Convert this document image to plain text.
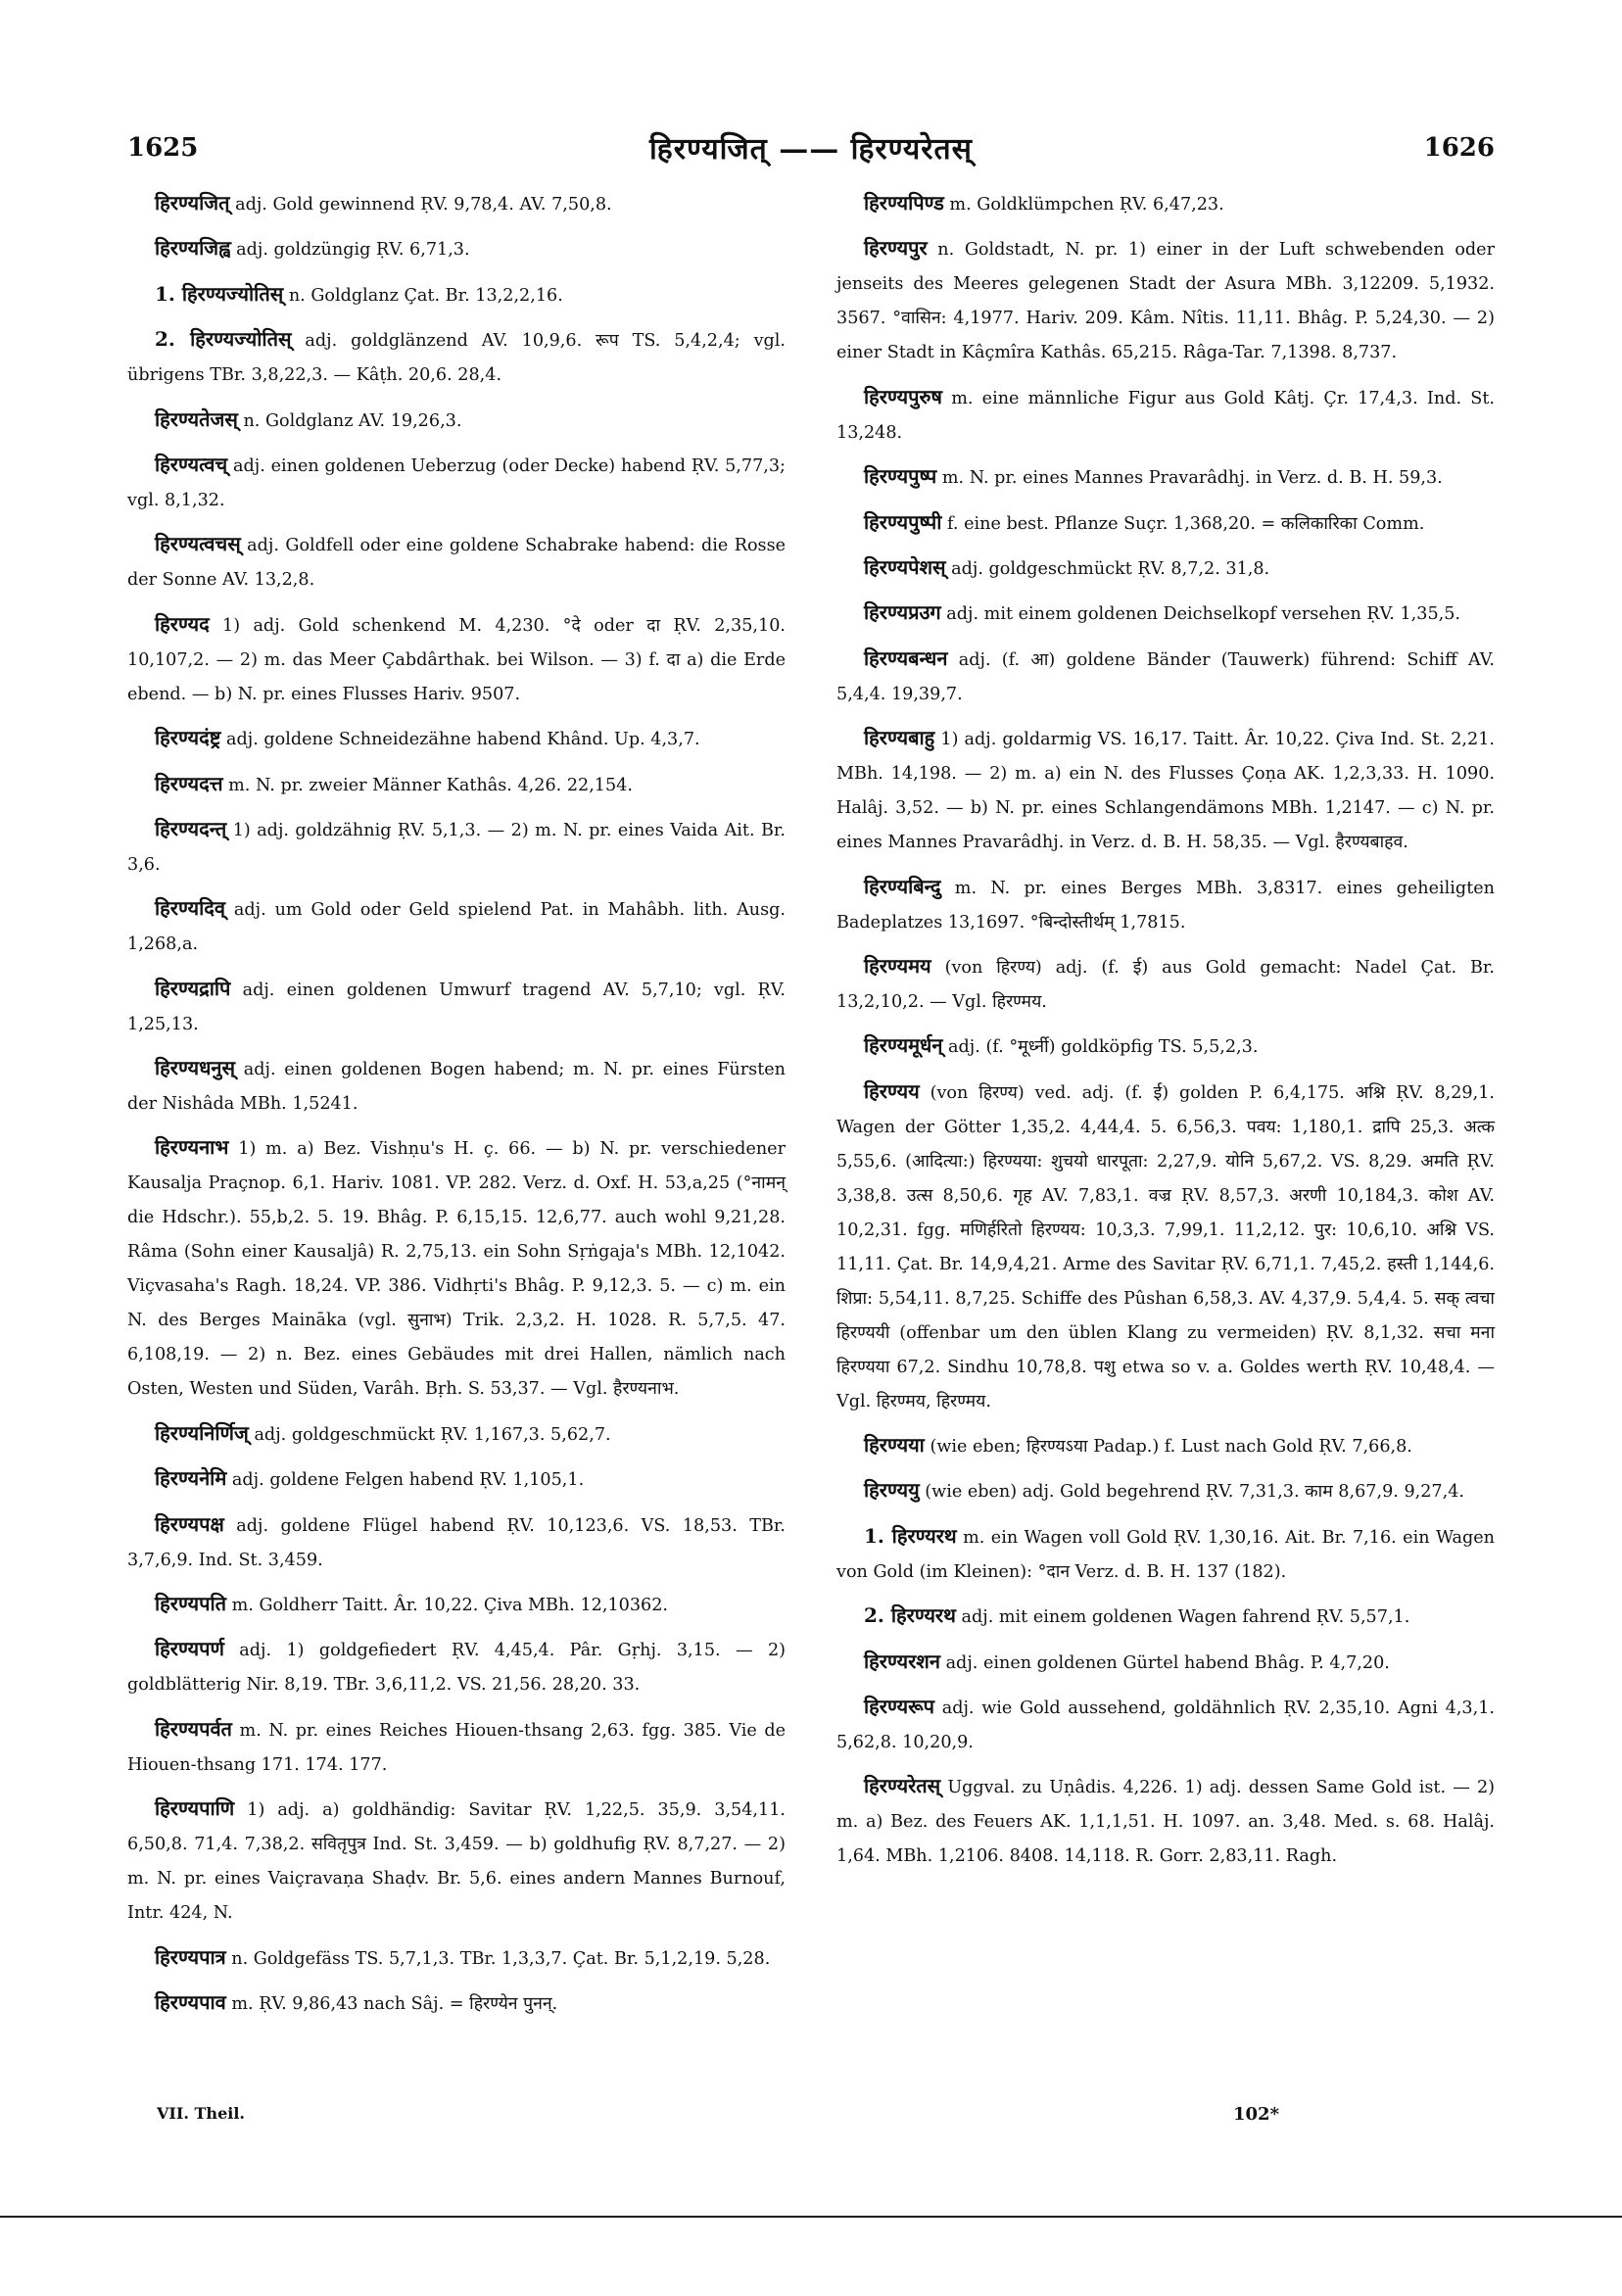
1625	हिरण्यजित् —— हिरण्यरेतस्	1626

हिरण्यजित् adj. Gold gewinnend ṚV. 9,78,4. AV. 7,50,8.

हिरण्यजिह्व adj. goldzüngig ṚV. 6,71,3.

1. हिरण्यज्योतिस् n. Goldglanz Çat. Br. 13,2,2,16.

2. हिरण्यज्योतिस् adj. goldglänzend AV. 10,9,6. रूप TS. 5,4,2,4; vgl. übrigens TBr. 3,8,22,3. — Kâṭh. 20,6. 28,4.

हिरण्यतेजस् n. Goldglanz AV. 19,26,3.

हिरण्यत्वच् adj. einen goldenen Ueberzug (oder Decke) habend ṚV. 5,77,3; vgl. 8,1,32.

हिरण्यत्वचस् adj. Goldfell oder eine goldene Schabrake habend: die Rosse der Sonne AV. 13,2,8.

हिरण्यद 1) adj. Gold schenkend M. 4,230. °दे oder दा ṚV. 2,35,10. 10,107,2. — 2) m. das Meer Çabdârthak. bei Wilson. — 3) f. दा a) die Erde ebend. — b) N. pr. eines Flusses Hariv. 9507.

हिरण्यदंष्ट्र adj. goldene Schneidezähne habend Khând. Up. 4,3,7.

हिरण्यदत्त m. N. pr. zweier Männer Kathâs. 4,26. 22,154.

हिरण्यदन्त् 1) adj. goldzähnig ṚV. 5,1,3. — 2) m. N. pr. eines Vaida Ait. Br. 3,6.

हिरण्यदिव् adj. um Gold oder Geld spielend Pat. in Mahâbh. lith. Ausg. 1,268,a.

हिरण्यद्रापि adj. einen goldenen Umwurf tragend AV. 5,7,10; vgl. ṚV. 1,25,13.

हिरण्यधनुस् adj. einen goldenen Bogen habend; m. N. pr. eines Fürsten der Nishâda MBh. 1,5241.

हिरण्यनाभ 1) m. a) Bez. Vishṇu's H. ç. 66. — b) N. pr. verschiedener Kausalja Praçnop. 6,1. Hariv. 1081. VP. 282. Verz. d. Oxf. H. 53,a,25 (°नामन् die Hdschr.). 55,b,2. 5. 19. Bhâg. P. 6,15,15. 12,6,77. auch wohl 9,21,28. Râma (Sohn einer Kausaljâ) R. 2,75,13. ein Sohn Sṛṅgaja's MBh. 12,1042. Viçvasaha's Ragh. 18,24. VP. 386. Vidhṛti's Bhâg. P. 9,12,3. 5. — c) m. ein N. des Berges Maināka (vgl. सुनाभ) Trik. 2,3,2. H. 1028. R. 5,7,5. 47. 6,108,19. — 2) n. Bez. eines Gebäudes mit drei Hallen, nämlich nach Osten, Westen und Süden, Varâh. Bṛh. S. 53,37. — Vgl. हैरण्यनाभ.

हिरण्यनिर्णिज् adj. goldgeschmückt ṚV. 1,167,3. 5,62,7.

हिरण्यनेमि adj. goldene Felgen habend ṚV. 1,105,1.

हिरण्यपक्ष adj. goldene Flügel habend ṚV. 10,123,6. VS. 18,53. TBr. 3,7,6,9. Ind. St. 3,459.

हिरण्यपति m. Goldherr Taitt. Âr. 10,22. Çiva MBh. 12,10362.

हिरण्यपर्ण adj. 1) goldgefiedert ṚV. 4,45,4. Pâr. Gṛhj. 3,15. — 2) goldblätterig Nir. 8,19. TBr. 3,6,11,2. VS. 21,56. 28,20. 33.

हिरण्यपर्वत m. N. pr. eines Reiches Hiouen-thsang 2,63. fgg. 385. Vie de Hiouen-thsang 171. 174. 177.

हिरण्यपाणि 1) adj. a) goldhändig: Savitar ṚV. 1,22,5. 35,9. 3,54,11. 6,50,8. 71,4. 7,38,2. सवितृपुत्र Ind. St. 3,459. — b) goldhufig ṚV. 8,7,27. — 2) m. N. pr. eines Vaiçravaṇa Shaḍv. Br. 5,6. eines andern Mannes Burnouf, Intr. 424, N.

हिरण्यपात्र n. Goldgefäss TS. 5,7,1,3. TBr. 1,3,3,7. Çat. Br. 5,1,2,19. 5,28.

हिरण्यपाव m. ṚV. 9,86,43 nach Sâj. = हिरण्येन पुनन्.

हिरण्यपिण्ड m. Goldklümpchen ṚV. 6,47,23.

हिरण्यपुर n. Goldstadt, N. pr. 1) einer in der Luft schwebenden oder jenseits des Meeres gelegenen Stadt der Asura MBh. 3,12209. 5,1932. 3567. °वासिन: 4,1977. Hariv. 209. Kâm. Nîtis. 11,11. Bhâg. P. 5,24,30. — 2) einer Stadt in Kâçmîra Kathâs. 65,215. Râga-Tar. 7,1398. 8,737.

हिरण्यपुरुष m. eine männliche Figur aus Gold Kâtj. Çr. 17,4,3. Ind. St. 13,248.

हिरण्यपुष्प m. N. pr. eines Mannes Pravarâdhj. in Verz. d. B. H. 59,3.

हिरण्यपुष्पी f. eine best. Pflanze Suçr. 1,368,20. = कलिकारिका Comm.

हिरण्यपेशस् adj. goldgeschmückt ṚV. 8,7,2. 31,8.

हिरण्यप्रउग adj. mit einem goldenen Deichselkopf versehen ṚV. 1,35,5.

हिरण्यबन्धन adj. (f. आ) goldene Bänder (Tauwerk) führend: Schiff AV. 5,4,4. 19,39,7.

हिरण्यबाहु 1) adj. goldarmig VS. 16,17. Taitt. Âr. 10,22. Çiva Ind. St. 2,21. MBh. 14,198. — 2) m. a) ein N. des Flusses Çoṇa AK. 1,2,3,33. H. 1090. Halâj. 3,52. — b) N. pr. eines Schlangendämons MBh. 1,2147. — c) N. pr. eines Mannes Pravarâdhj. in Verz. d. B. H. 58,35. — Vgl. हैरण्यबाहव.

हिरण्यबिन्दु m. N. pr. eines Berges MBh. 3,8317. eines geheiligten Badeplatzes 13,1697. °बिन्दोस्तीर्थम् 1,7815.

हिरण्यमय (von हिरण्य) adj. (f. ई) aus Gold gemacht: Nadel Çat. Br. 13,2,10,2. — Vgl. हिरण्मय.

हिरण्यमूर्धन् adj. (f. °मूर्ध्नी) goldköpfig TS. 5,5,2,3.

हिरण्यय (von हिरण्य) ved. adj. (f. ई) golden P. 6,4,175. अश्नि ṚV. 8,29,1. Wagen der Götter 1,35,2. 4,44,4. 5. 6,56,3. पवय: 1,180,1. द्रापि 25,3. अत्क 5,55,6. (आदित्या:) हिरण्यया: शुचयो धारपूता: 2,27,9. योनि 5,67,2. VS. 8,29. अमति ṚV. 3,38,8. उत्स 8,50,6. गृह AV. 7,83,1. वज्र ṚV. 8,57,3. अरणी 10,184,3. कोश AV. 10,2,31. fgg. मणिर्हरितो हिरण्यय: 10,3,3. 7,99,1. 11,2,12. पुर: 10,6,10. अश्नि VS. 11,11. Çat. Br. 14,9,4,21. Arme des Savitar ṚV. 6,71,1. 7,45,2. हस्ती 1,144,6. शिप्रा: 5,54,11. 8,7,25. Schiffe des Pûshan 6,58,3. AV. 4,37,9. 5,4,4. 5. सक् त्वचा हिरण्ययी (offenbar um den üblen Klang zu vermeiden) ṚV. 8,1,32. सचा मना हिरण्यया 67,2. Sindhu 10,78,8. पशु etwa so v. a. Goldes werth ṚV. 10,48,4. — Vgl. हिरण्मय, हिरण्मय.

हिरण्यया (wie eben; हिरण्यऽया Padap.) f. Lust nach Gold ṚV. 7,66,8.

हिरण्ययु (wie eben) adj. Gold begehrend ṚV. 7,31,3. काम 8,67,9. 9,27,4.

1. हिरण्यरथ m. ein Wagen voll Gold ṚV. 1,30,16. Ait. Br. 7,16. ein Wagen von Gold (im Kleinen): °दान Verz. d. B. H. 137 (182).

2. हिरण्यरथ adj. mit einem goldenen Wagen fahrend ṚV. 5,57,1.

हिरण्यरशन adj. einen goldenen Gürtel habend Bhâg. P. 4,7,20.

हिरण्यरूप adj. wie Gold aussehend, goldähnlich ṚV. 2,35,10. Agni 4,3,1. 5,62,8. 10,20,9.

हिरण्यरेतस् Uggval. zu Uṇâdis. 4,226. 1) adj. dessen Same Gold ist. — 2) m. a) Bez. des Feuers AK. 1,1,1,51. H. 1097. an. 3,48. Med. s. 68. Halâj. 1,64. MBh. 1,2106. 8408. 14,118. R. Gorr. 2,83,11. Ragh.

VII. Theil.	102*
